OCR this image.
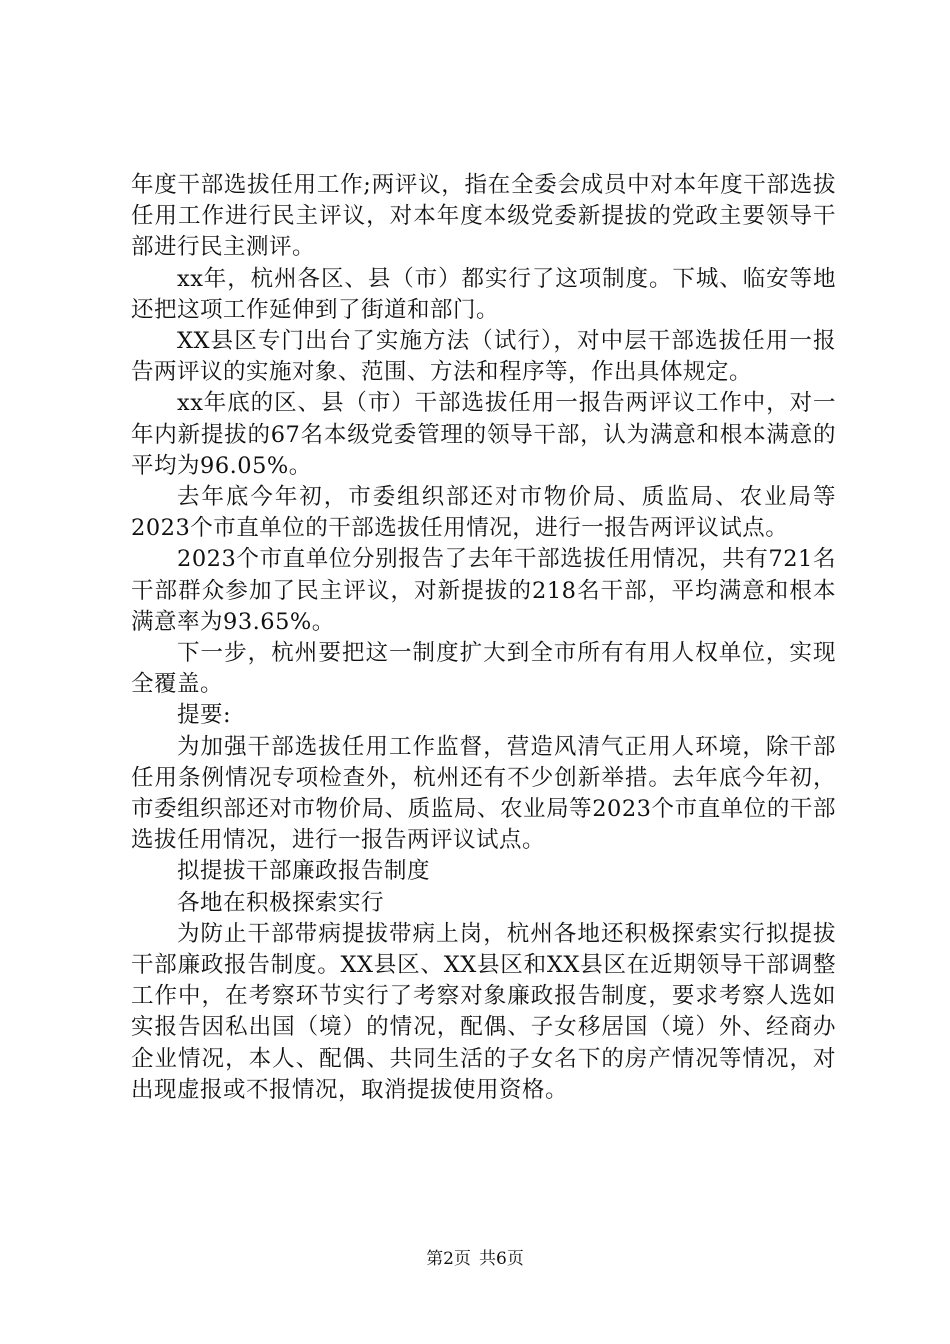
年度干部选拔任用工作;两评议，指在全委会成员中对本年度干部选拔任用工作进行民主评议，对本年度本级党委新提拔的党政主要领导干部进行民主测评。

xx年，杭州各区、县（市）都实行了这项制度。下城、临安等地还把这项工作延伸到了街道和部门。

XX县区专门出台了实施方法（试行），对中层干部选拔任用一报告两评议的实施对象、范围、方法和程序等，作出具体规定。

xx年底的区、县（市）干部选拔任用一报告两评议工作中，对一年内新提拔的67名本级党委管理的领导干部，认为满意和根本满意的平均为96.05%。

去年底今年初，市委组织部还对市物价局、质监局、农业局等2023个市直单位的干部选拔任用情况，进行一报告两评议试点。

2023个市直单位分别报告了去年干部选拔任用情况，共有721名干部群众参加了民主评议，对新提拔的218名干部，平均满意和根本满意率为93.65%。

下一步，杭州要把这一制度扩大到全市所有有用人权单位，实现全覆盖。

提要:

为加强干部选拔任用工作监督，营造风清气正用人环境，除干部任用条例情况专项检查外，杭州还有不少创新举措。去年底今年初，市委组织部还对市物价局、质监局、农业局等2023个市直单位的干部选拔任用情况，进行一报告两评议试点。

拟提拔干部廉政报告制度

各地在积极探索实行

为防止干部带病提拔带病上岗，杭州各地还积极探索实行拟提拔干部廉政报告制度。XX县区、XX县区和XX县区在近期领导干部调整工作中，在考察环节实行了考察对象廉政报告制度，要求考察人选如实报告因私出国（境）的情况，配偶、子女移居国（境）外、经商办企业情况，本人、配偶、共同生活的子女名下的房产情况等情况，对出现虚报或不报情况，取消提拔使用资格。

第2页 共6页
